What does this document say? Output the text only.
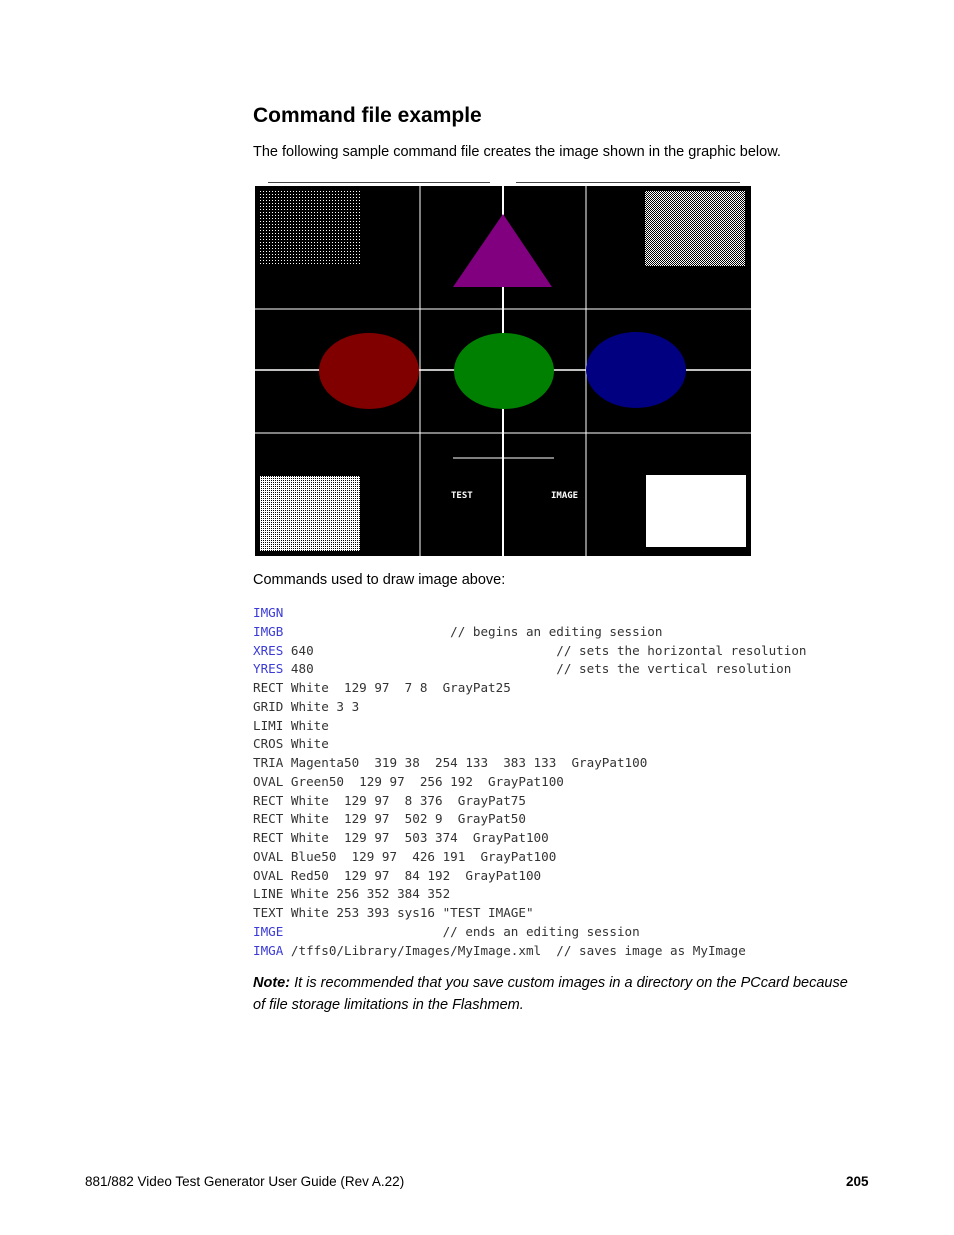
Command file example

The following sample command file creates the image shown in the graphic below.

TEST	IMAGE

Commands used to draw image above:

IMGN
IMGB                      // begins an editing session
XRES 640                                // sets the horizontal resolution
YRES 480                                // sets the vertical resolution
RECT White  129 97  7 8  GrayPat25
GRID White 3 3
LIMI White
CROS White
TRIA Magenta50  319 38  254 133  383 133  GrayPat100
OVAL Green50  129 97  256 192  GrayPat100
RECT White  129 97  8 376  GrayPat75
RECT White  129 97  502 9  GrayPat50
RECT White  129 97  503 374  GrayPat100
OVAL Blue50  129 97  426 191  GrayPat100
OVAL Red50  129 97  84 192  GrayPat100
LINE White 256 352 384 352
TEXT White 253 393 sys16 "TEST IMAGE"
IMGE                     // ends an editing session
IMGA /tffs0/Library/Images/MyImage.xml  // saves image as MyImage

Note: It is recommended that you save custom images in a directory on the PCcard because of file storage limitations in the Flashmem.

881/882 Video Test Generator User Guide (Rev A.22)	205
